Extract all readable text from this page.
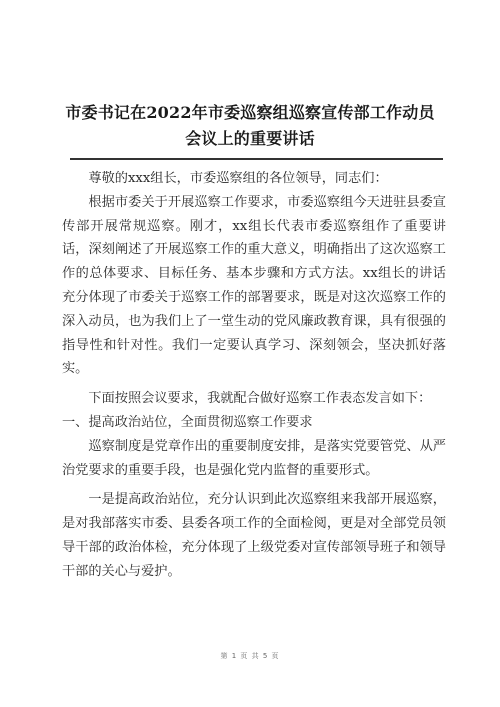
市委书记在2022年市委巡察组巡察宣传部工作动员会议上的重要讲话

尊敬的xxx组长，市委巡察组的各位领导，同志们：

根据市委关于开展巡察工作要求，市委巡察组今天进驻县委宣传部开展常规巡察。刚才，xx组长代表市委巡察组作了重要讲话，深刻阐述了开展巡察工作的重大意义，明确指出了这次巡察工作的总体要求、目标任务、基本步骤和方式方法。xx组长的讲话充分体现了市委关于巡察工作的部署要求，既是对这次巡察工作的深入动员，也为我们上了一堂生动的党风廉政教育课，具有很强的指导性和针对性。我们一定要认真学习、深刻领会，坚决抓好落实。

下面按照会议要求，我就配合做好巡察工作表态发言如下：

一、提高政治站位，全面贯彻巡察工作要求

巡察制度是党章作出的重要制度安排，是落实党要管党、从严治党要求的重要手段，也是强化党内监督的重要形式。

一是提高政治站位，充分认识到此次巡察组来我部开展巡察，是对我部落实市委、县委各项工作的全面检阅，更是对全部党员领导干部的政治体检，充分体现了上级党委对宣传部领导班子和领导干部的关心与爱护。

第 1 页 共 5 页
